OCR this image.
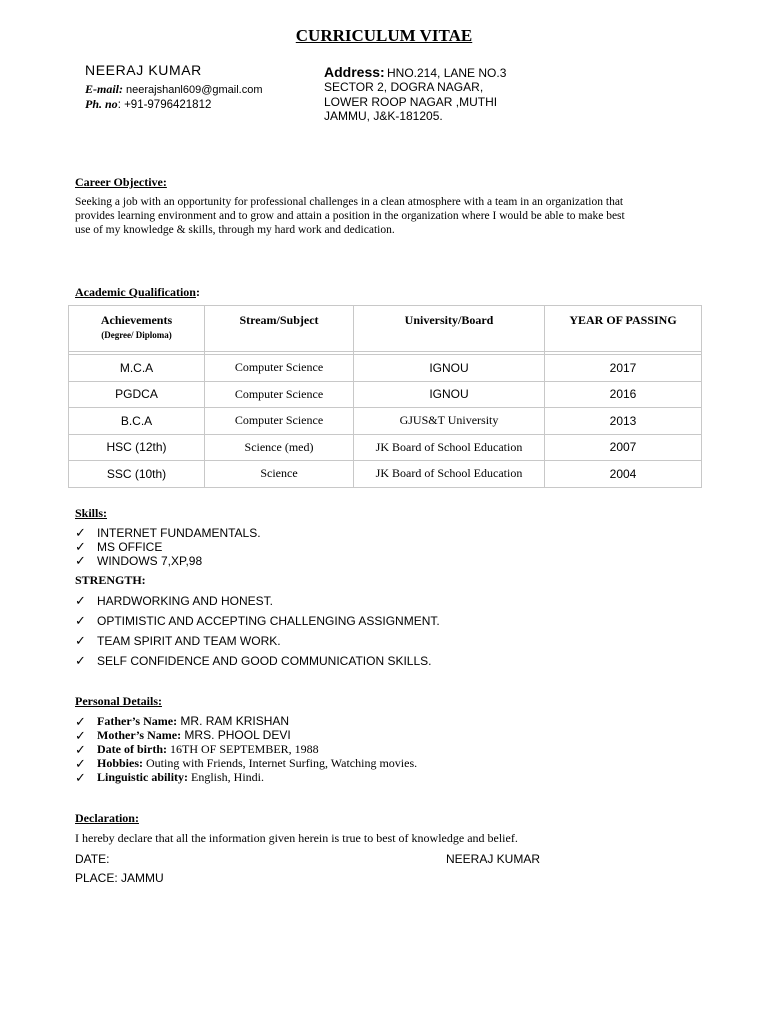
CURRICULUM VITAE
NEERAJ KUMAR
E-mail: neerajshanl609@gmail.com
Ph. no: +91-9796421812
Address: HNO.214, LANE NO.3
SECTOR 2, DOGRA NAGAR,
LOWER ROOP NAGAR ,MUTHI
JAMMU, J&K-181205.
Career Objective:
Seeking a job with an opportunity for professional challenges in a clean atmosphere with a team in an organization that
provides learning environment and to grow and attain a position in the organization where I would be able to make best
use of my knowledge & skills, through my hard work and dedication.
Academic Qualification:
Achievements
(Degree/ Diploma)	Stream/Subject	University/Board	YEAR OF PASSING

M.C.A	Computer Science	IGNOU	2017
PGDCA	Computer Science	IGNOU	2016
B.C.A	Computer Science	GJUS&T University	2013
HSC (12th)	Science (med)	JK Board of School Education	2007
SSC (10th)	Science	JK Board of School Education	2004
Skills:
✓ INTERNET FUNDAMENTALS.
✓ MS OFFICE
✓ WINDOWS 7,XP,98
STRENGTH:
✓ HARDWORKING AND HONEST.
✓ OPTIMISTIC AND ACCEPTING CHALLENGING ASSIGNMENT.
✓ TEAM SPIRIT AND TEAM WORK.
✓ SELF CONFIDENCE AND GOOD COMMUNICATION SKILLS.
Personal Details:
✓ Father’s Name: MR. RAM KRISHAN
✓ Mother’s Name: MRS. PHOOL DEVI
✓ Date of birth: 16TH OF SEPTEMBER, 1988
✓ Hobbies: Outing with Friends, Internet Surfing, Watching movies.
✓ Linguistic ability: English, Hindi.
Declaration:
I hereby declare that all the information given herein is true to best of knowledge and belief.
DATE:	NEERAJ KUMAR
PLACE: JAMMU
